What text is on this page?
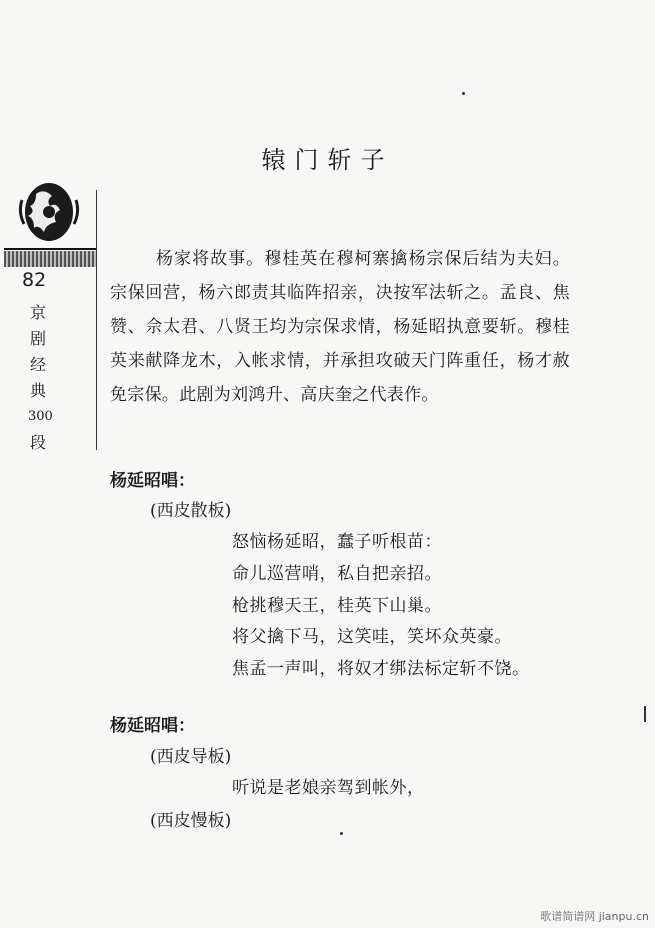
辕门斩子
82
京
剧
经
典
300
段
杨家将故事。穆桂英在穆柯寨擒杨宗保后结为夫妇。宗保回营，杨六郎责其临阵招亲，决按军法斩之。孟良、焦赞、佘太君、八贤王均为宗保求情，杨延昭执意要斩。穆桂英来献降龙木，入帐求情，并承担攻破天门阵重任，杨才赦免宗保。此剧为刘鸿升、高庆奎之代表作。
杨延昭唱：
(西皮散板)
怒恼杨延昭，蠢子听根苗：
命儿巡营哨，私自把亲招。
枪挑穆天王，桂英下山巢。
将父擒下马，这笑哇，笑坏众英豪。
焦孟一声叫，将奴才绑法标定斩不饶。
杨延昭唱：
(西皮导板)
听说是老娘亲驾到帐外，
(西皮慢板)
歌谱简谱网 jianpu.cn
